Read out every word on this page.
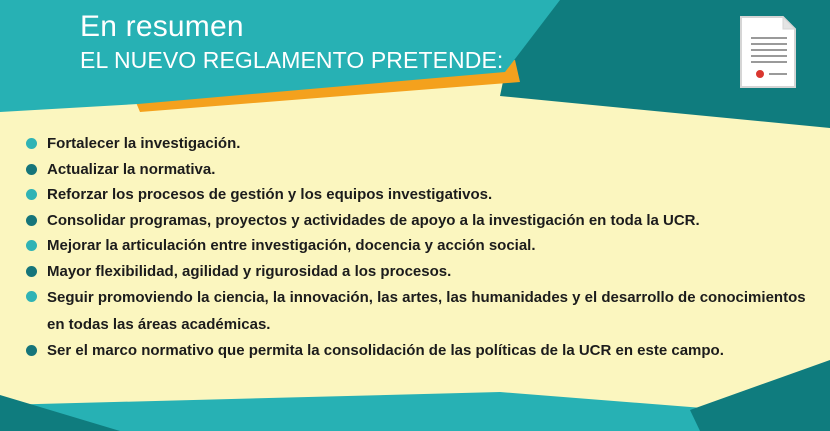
En resumen
EL NUEVO REGLAMENTO PRETENDE:
Fortalecer la investigación.
Actualizar la normativa.
Reforzar los procesos de gestión y los equipos investigativos.
Consolidar programas, proyectos y actividades de apoyo a la investigación en toda la UCR.
Mejorar la articulación entre investigación, docencia y acción social.
Mayor flexibilidad, agilidad y rigurosidad a los procesos.
Seguir promoviendo la ciencia, la innovación, las artes, las humanidades y el desarrollo de conocimientos en todas las áreas académicas.
Ser el marco normativo que permita la consolidación de las políticas de la UCR en este campo.
